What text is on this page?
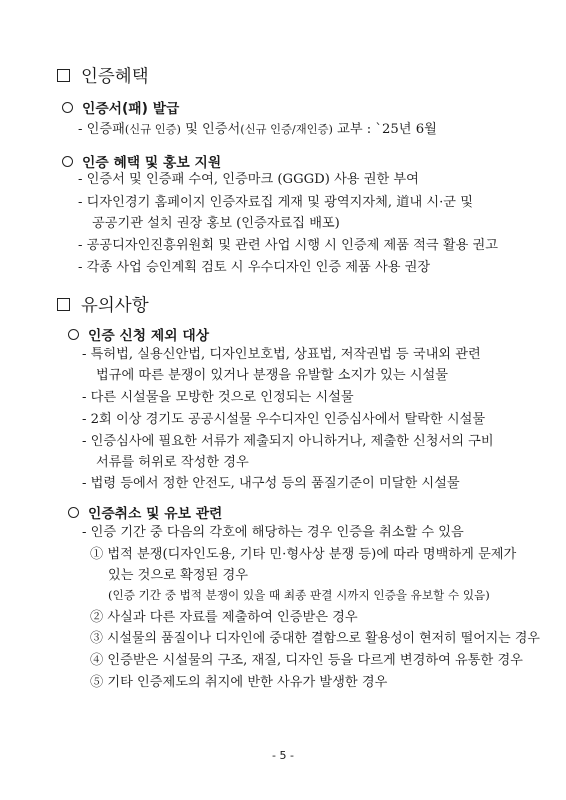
인증혜택
인증서(패) 발급
- 인증패(신규 인증) 및 인증서(신규 인증/재인증) 교부 : `25년 6월
인증 혜택 및 홍보 지원
- 인증서 및 인증패 수여, 인증마크 (GGGD) 사용 권한 부여
- 디자인경기 홈페이지 인증자료집 게재 및 광역지자체, 道내 시·군 및
공공기관 설치 권장 홍보 (인증자료집 배포)
- 공공디자인진흥위원회 및 관련 사업 시행 시 인증제 제품 적극 활용 권고
- 각종 사업 승인계획 검토 시 우수디자인 인증 제품 사용 권장
유의사항
인증 신청 제외 대상
- 특허법, 실용신안법, 디자인보호법, 상표법, 저작권법 등 국내외 관련
법규에 따른 분쟁이 있거나 분쟁을 유발할 소지가 있는 시설물
- 다른 시설물을 모방한 것으로 인정되는 시설물
- 2회 이상 경기도 공공시설물 우수디자인 인증심사에서 탈락한 시설물
- 인증심사에 필요한 서류가 제출되지 아니하거나, 제출한 신청서의 구비
서류를 허위로 작성한 경우
- 법령 등에서 정한 안전도, 내구성 등의 품질기준이 미달한 시설물
인증취소 및 유보 관련
- 인증 기간 중 다음의 각호에 해당하는 경우 인증을 취소할 수 있음
① 법적 분쟁(디자인도용, 기타 민·형사상 분쟁 등)에 따라 명백하게 문제가
있는 것으로 확정된 경우
(인증 기간 중 법적 분쟁이 있을 때 최종 판결 시까지 인증을 유보할 수 있음)
② 사실과 다른 자료를 제출하여 인증받은 경우
③ 시설물의 품질이나 디자인에 중대한 결함으로 활용성이 현저히 떨어지는 경우
④ 인증받은 시설물의 구조, 재질, 디자인 등을 다르게 변경하여 유통한 경우
⑤ 기타 인증제도의 취지에 반한 사유가 발생한 경우
- 5 -
